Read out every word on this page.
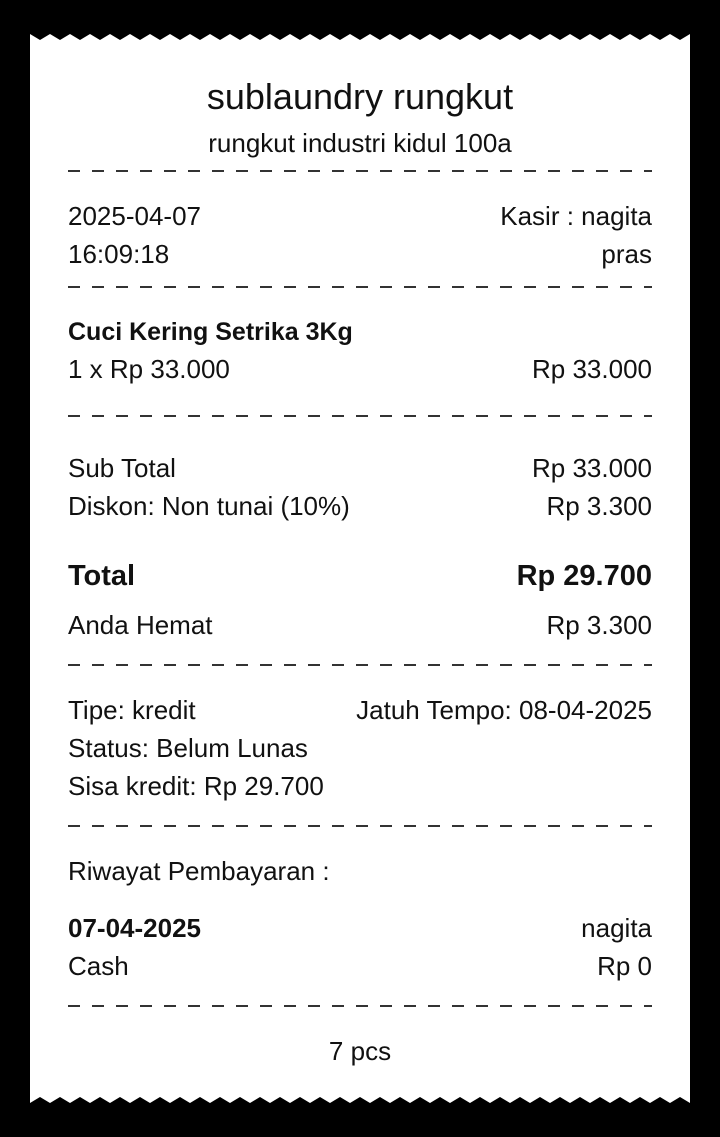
sublaundry rungkut
rungkut industri kidul 100a
2025-04-07	Kasir : nagita
16:09:18	pras
Cuci Kering Setrika 3Kg
1 x Rp 33.000	Rp 33.000
Sub Total	Rp 33.000
Diskon: Non tunai (10%)	Rp 3.300
Total	Rp 29.700
Anda Hemat	Rp 3.300
Tipe: kredit	Jatuh Tempo: 08-04-2025
Status: Belum Lunas
Sisa kredit: Rp 29.700
Riwayat Pembayaran :
07-04-2025	nagita
Cash	Rp 0
7 pcs
